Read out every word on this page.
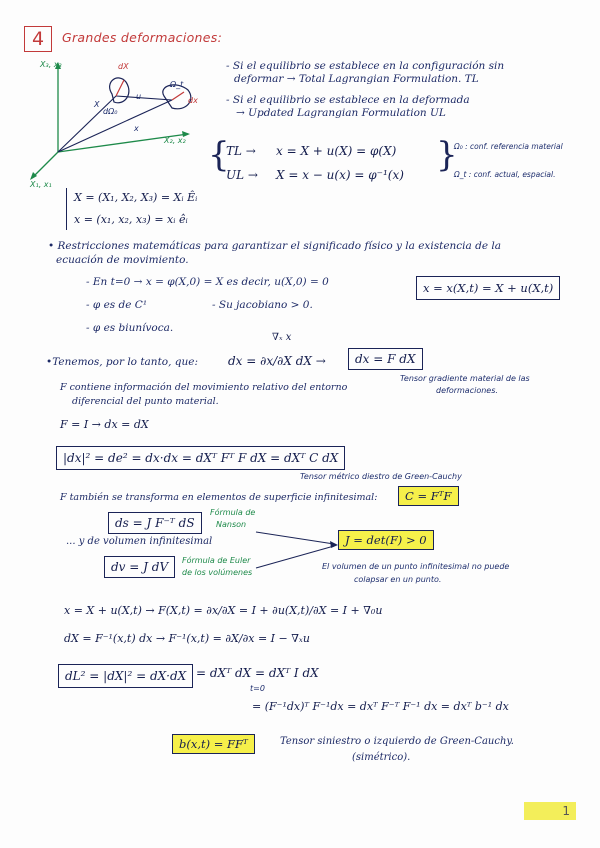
4	Grandes deformaciones:
X₃, x₃
X₂, x₂
X₁, x₁
dX
dx
dΩ₀
Ω_t
u
X
x
- Si el equilibrio se establece en la configuración sin
deformar → Total Lagrangian Formulation. TL
- Si el equilibrio se establece en la deformada
→ Updated Lagrangian Formulation UL
{
TL → x = X + u(X) = φ(X)
UL → X = x − u(x) = φ⁻¹(x) }
Ω₀ : conf. referencia material
Ω_t : conf. actual, espacial.
X = (X₁, X₂, X₃) = Xᵢ Êᵢ
x = (x₁, x₂, x₃) = xᵢ êᵢ
• Restricciones matemáticas para garantizar el significado físico y la existencia de la
ecuación de movimiento.
- En t=0 → x = φ(X,0) = X es decir, u(X,0) = 0
- φ es de C¹	- Su jacobiano > 0.
- φ es biunívoca.
x = x(X,t) = X + u(X,t)
∇ₓ x
•Tenemos, por lo tanto, que: dx = ∂x/∂X dX →	dx = F dX
Tensor gradiente material de las
deformaciones.
F contiene información del movimiento relativo del entorno
diferencial del punto material.
F = I → dx = dX
|dx|² = de² = dx·dx = dXᵀ Fᵀ F dX = dXᵀ C dX
Tensor métrico diestro de Green-Cauchy
F también se transforma en elementos de superficie infinitesimal:	C = FᵀF
ds = J F⁻ᵀ dS
Fórmula de
Nanson
... y de volumen infinitesimal	J = det(F) > 0
dv = J dV	Fórmula de Euler
de los volúmenes
El volumen de un punto infinitesimal no puede
colapsar en un punto.
x = X + u(X,t) → F(X,t) = ∂x/∂X = I + ∂u(X,t)/∂X = I + ∇₀u
dX = F⁻¹(x,t) dx → F⁻¹(x,t) = ∂X/∂x = I − ∇ₓu
dL² = |dX|² = dX·dX = dXᵀ dX = dXᵀ I dX
t=0
= (F⁻¹dx)ᵀ F⁻¹dx = dxᵀ F⁻ᵀ F⁻¹ dx = dxᵀ b⁻¹ dx
b(x,t) = FFᵀ	Tensor siniestro o izquierdo de Green-Cauchy.
(simétrico).
1
